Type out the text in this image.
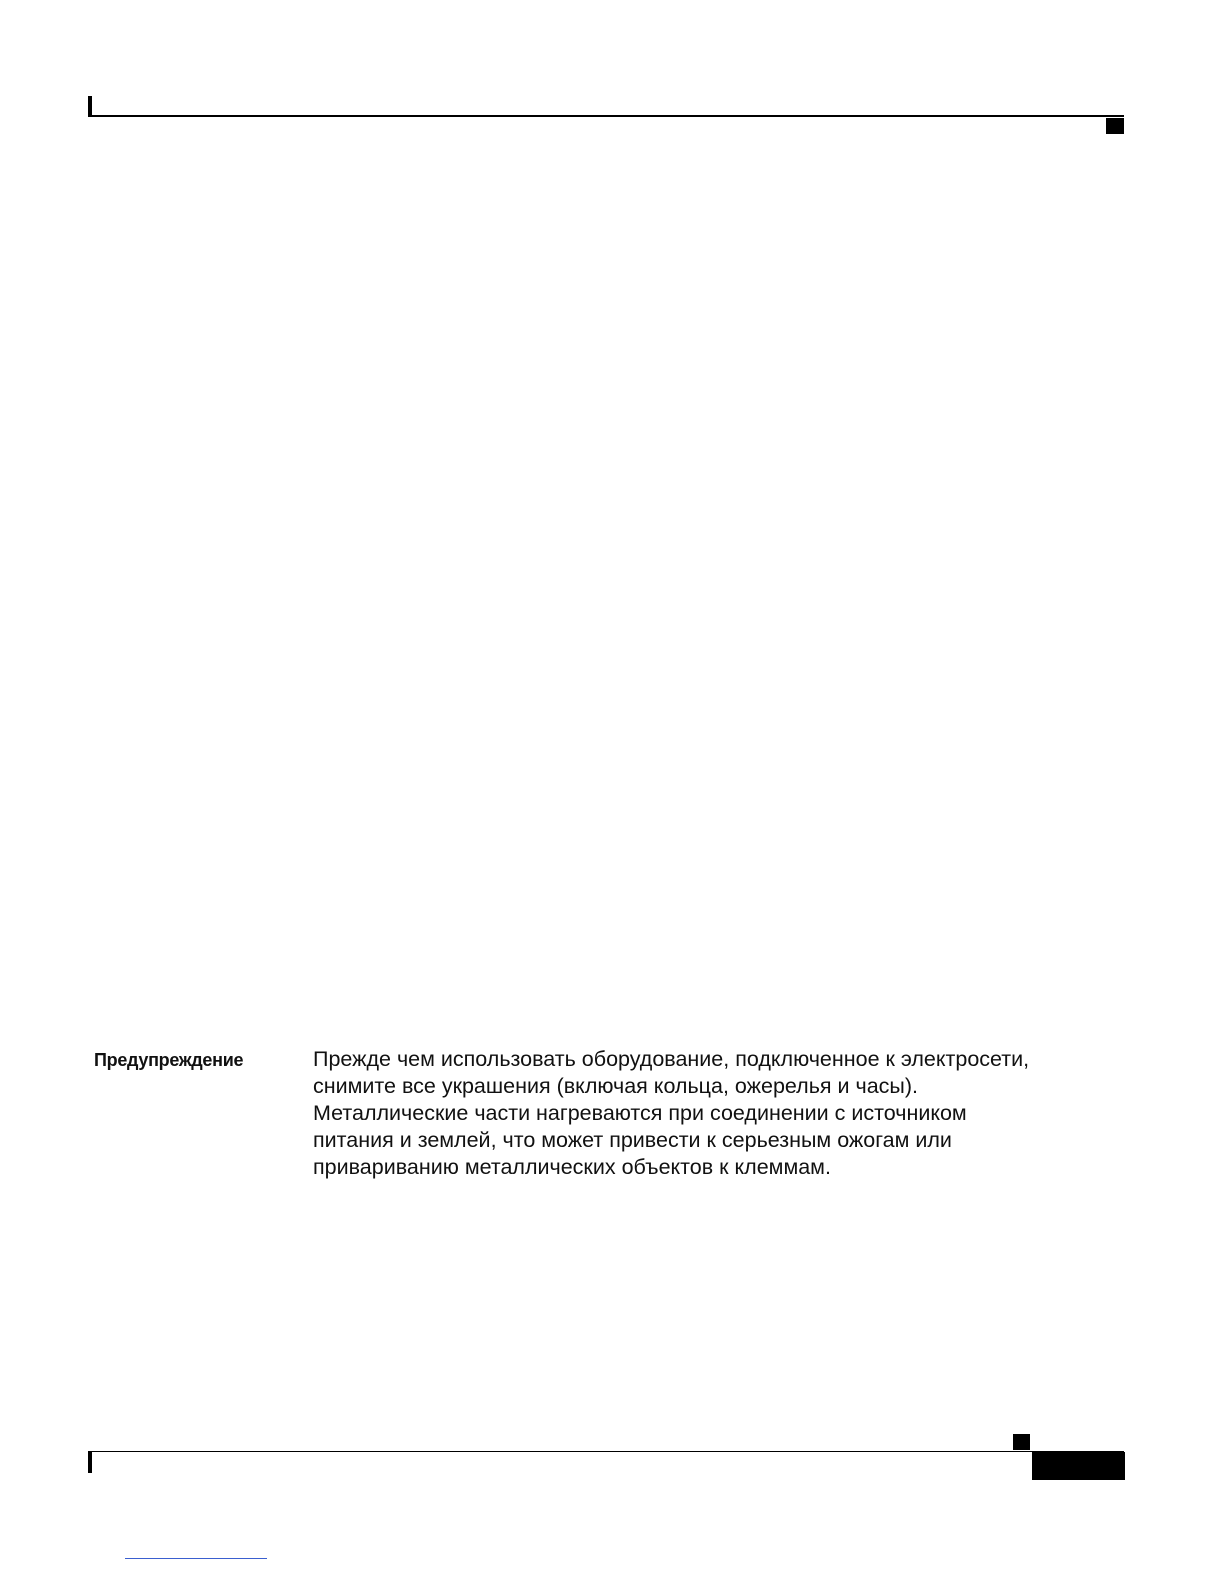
Предупреждение	Прежде чем использовать оборудование, подключенное к электросети,
снимите все украшения (включая кольца, ожерелья и часы).
Металлические части нагреваются при соединении с источником
питания и землей, что может привести к серьезным ожогам или
привариванию металлических объектов к клеммам.
